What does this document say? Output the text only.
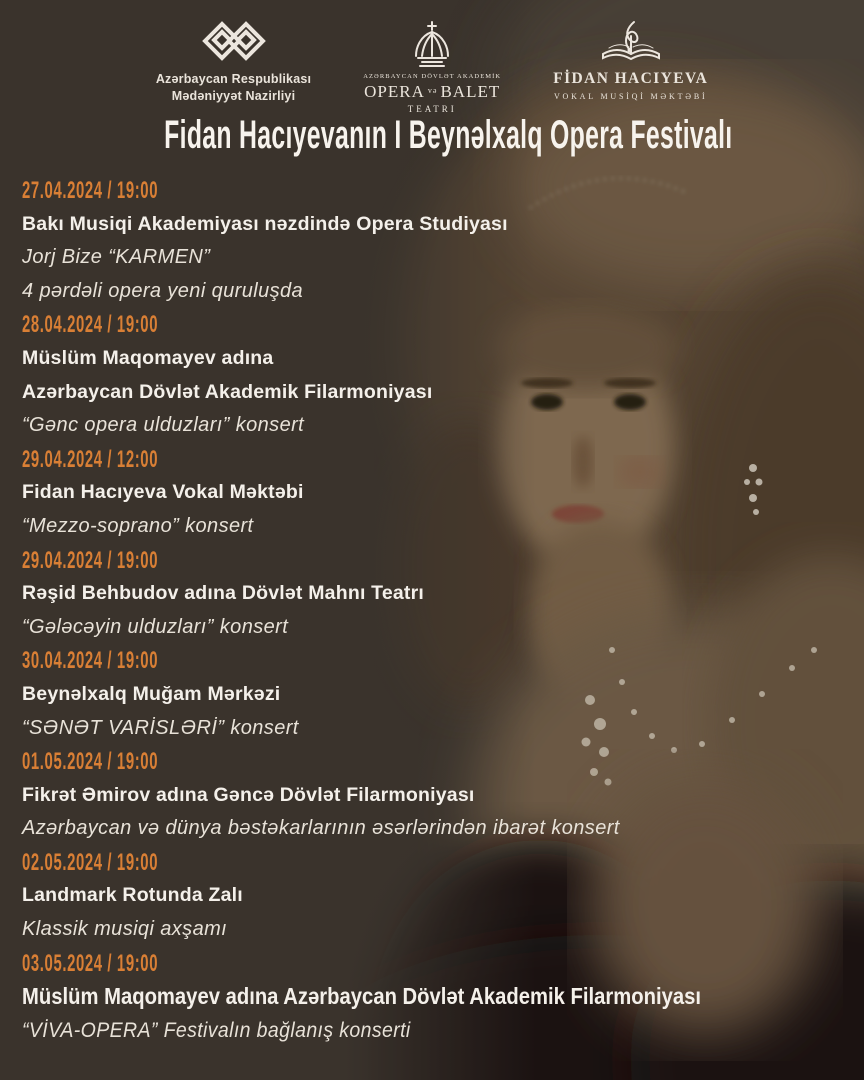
Azərbaycan Respublikası
Mədəniyyət Nazirliyi
AZƏRBAYCAN DÖVLƏT AKADEMİK
OPERA və BALET
TEATRI
FİDAN HACIYEVA
VOKAL MUSİQİ MƏKTƏBİ
Fidan Hacıyevanın I Beynəlxalq Opera Festivalı
27.04.2024 / 19:00
Bakı Musiqi Akademiyası nəzdində Opera Studiyası
Jorj Bize “KARMEN”
4 pərdəli opera yeni quruluşda
28.04.2024 / 19:00
Müslüm Maqomayev adına
Azərbaycan Dövlət Akademik Filarmoniyası
“Gənc opera ulduzları” konsert
29.04.2024 / 12:00
Fidan Hacıyeva Vokal Məktəbi
“Mezzo-soprano” konsert
29.04.2024 / 19:00
Rəşid Behbudov adına Dövlət Mahnı Teatrı
“Gələcəyin ulduzları” konsert
30.04.2024 / 19:00
Beynəlxalq Muğam Mərkəzi
“SƏNƏT VARİSLƏRİ” konsert
01.05.2024 / 19:00
Fikrət Əmirov adına Gəncə Dövlət Filarmoniyası
Azərbaycan və dünya bəstəkarlarının əsərlərindən ibarət konsert
02.05.2024 / 19:00
Landmark Rotunda Zalı
Klassik musiqi axşamı
03.05.2024 / 19:00
Müslüm Maqomayev adına Azərbaycan Dövlət Akademik Filarmoniyası
“VİVA-OPERA” Festivalın bağlanış konserti
